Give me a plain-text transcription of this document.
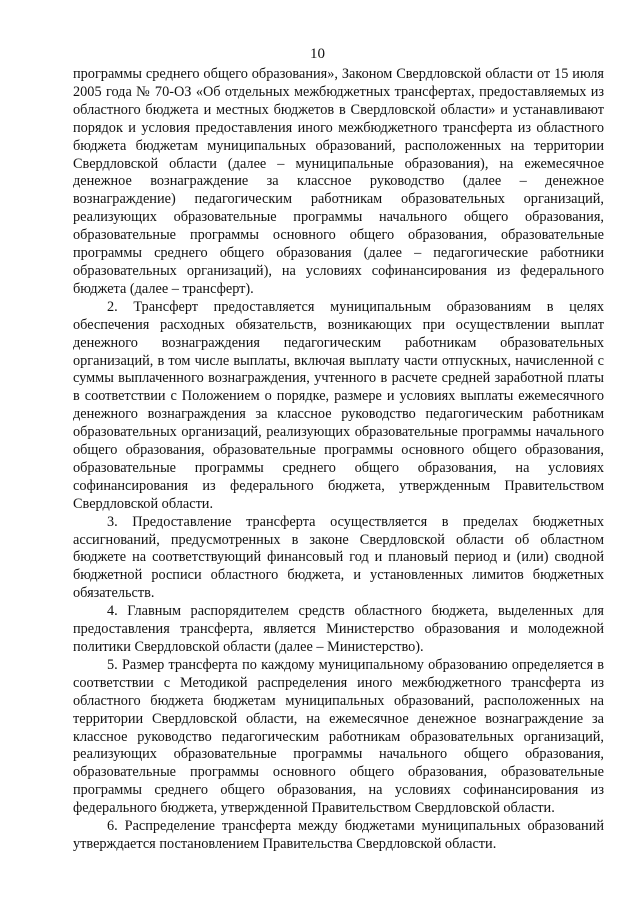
10

программы среднего общего образования», Законом Свердловской области от 15 июля 2005 года № 70-ОЗ «Об отдельных межбюджетных трансфертах, предоставляемых из областного бюджета и местных бюджетов в Свердловской области» и устанавливают порядок и условия предоставления иного межбюджетного трансферта из областного бюджета бюджетам муниципальных образований, расположенных на территории Свердловской области (далее – муниципальные образования), на ежемесячное денежное вознаграждение за классное руководство (далее – денежное вознаграждение) педагогическим работникам образовательных организаций, реализующих образовательные программы начального общего образования, образовательные программы основного общего образования, образовательные программы среднего общего образования (далее – педагогические работники образовательных организаций), на условиях софинансирования из федерального бюджета (далее – трансферт).

2. Трансферт предоставляется муниципальным образованиям в целях обеспечения расходных обязательств, возникающих при осуществлении выплат денежного вознаграждения педагогическим работникам образовательных организаций, в том числе выплаты, включая выплату части отпускных, начисленной с суммы выплаченного вознаграждения, учтенного в расчете средней заработной платы в соответствии с Положением о порядке, размере и условиях выплаты ежемесячного денежного вознаграждения за классное руководство педагогическим работникам образовательных организаций, реализующих образовательные программы начального общего образования, образовательные программы основного общего образования, образовательные программы среднего общего образования, на условиях софинансирования из федерального бюджета, утвержденным Правительством Свердловской области.

3. Предоставление трансферта осуществляется в пределах бюджетных ассигнований, предусмотренных в законе Свердловской области об областном бюджете на соответствующий финансовый год и плановый период и (или) сводной бюджетной росписи областного бюджета, и установленных лимитов бюджетных обязательств.

4. Главным распорядителем средств областного бюджета, выделенных для предоставления трансферта, является Министерство образования и молодежной политики Свердловской области (далее – Министерство).

5. Размер трансферта по каждому муниципальному образованию определяется в соответствии с Методикой распределения иного межбюджетного трансферта из областного бюджета бюджетам муниципальных образований, расположенных на территории Свердловской области, на ежемесячное денежное вознаграждение за классное руководство педагогическим работникам образовательных организаций, реализующих образовательные программы начального общего образования, образовательные программы основного общего образования, образовательные программы среднего общего образования, на условиях софинансирования из федерального бюджета, утвержденной Правительством Свердловской области.

6. Распределение трансферта между бюджетами муниципальных образований утверждается постановлением Правительства Свердловской области.
